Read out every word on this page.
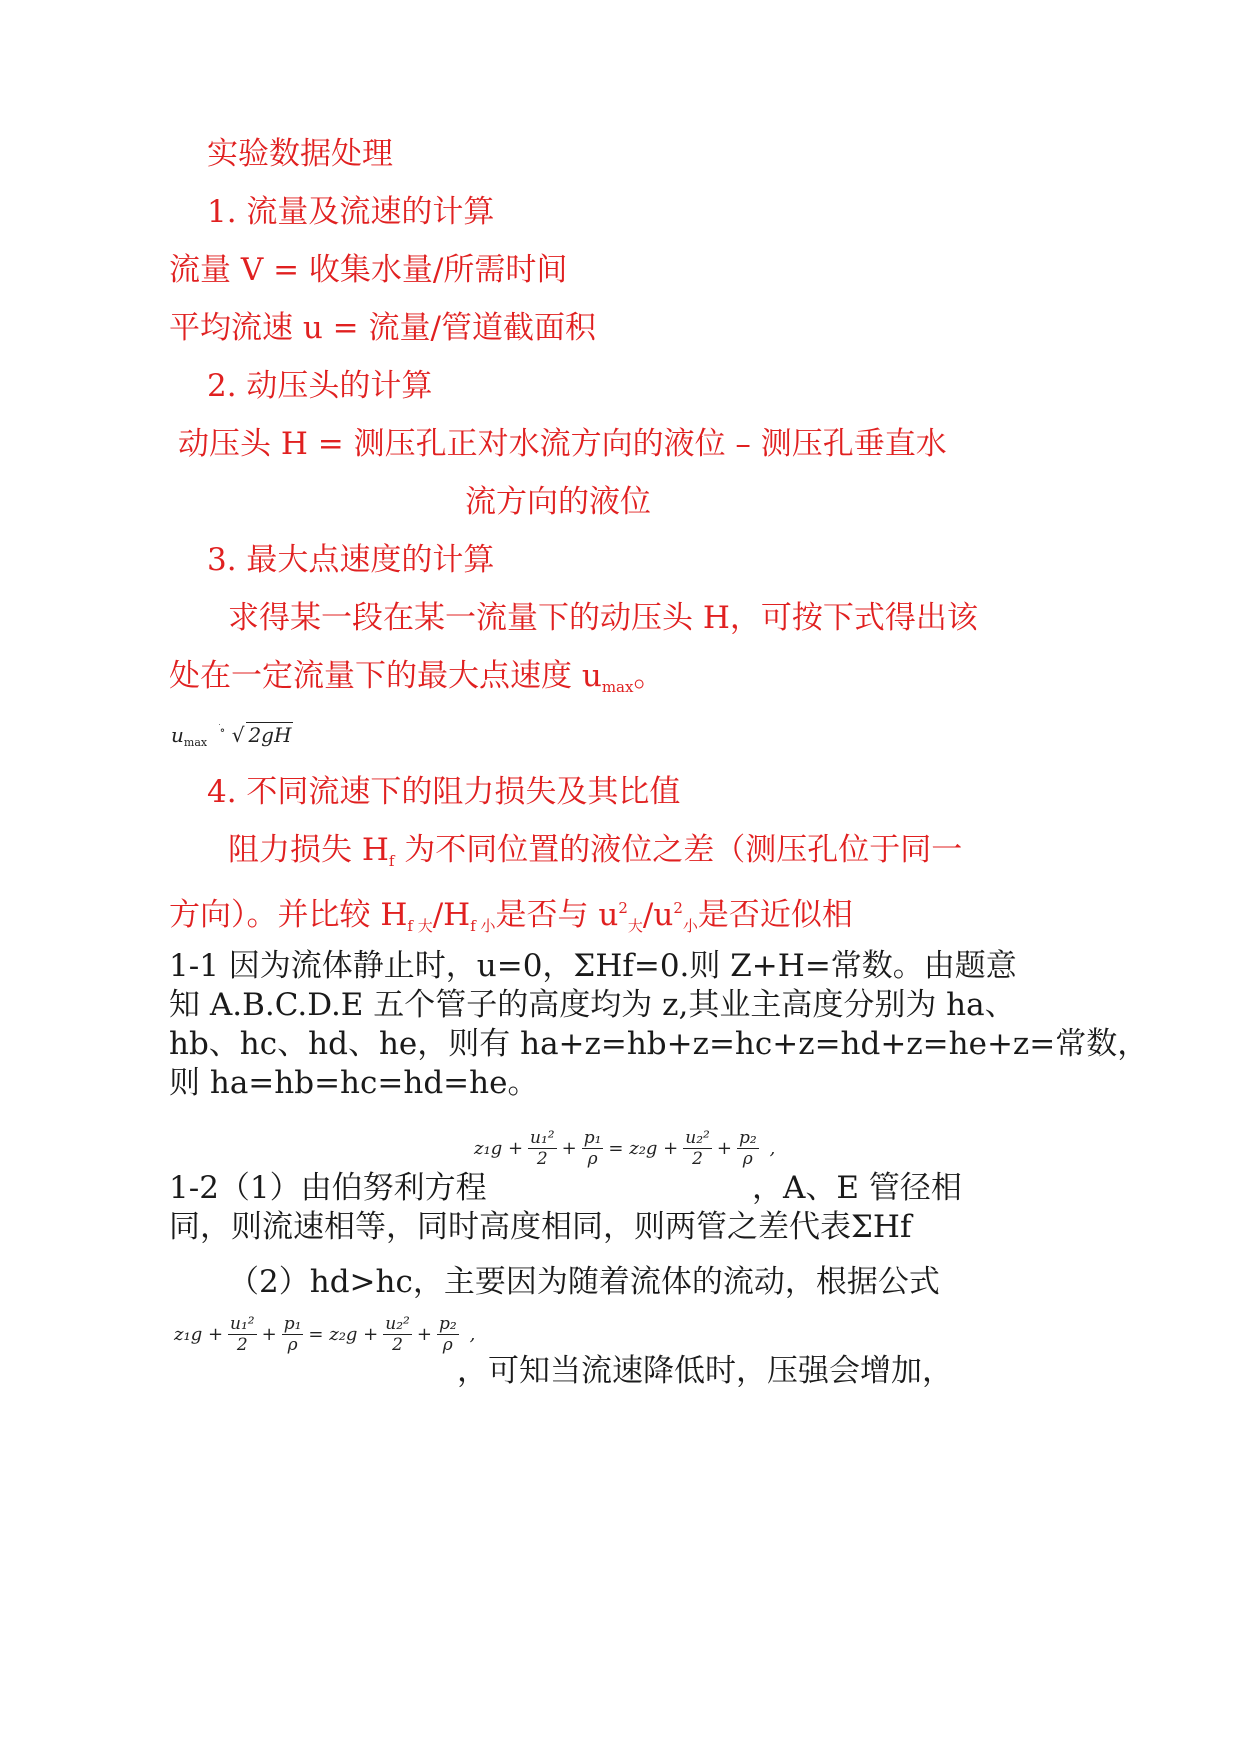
实验数据处理
1. 流量及流速的计算
流量 V = 收集水量/所需时间
平均流速 u = 流量/管道截面积
2. 动压头的计算
动压头 H = 测压孔正对水流方向的液位 – 测压孔垂直水
流方向的液位
3. 最大点速度的计算
求得某一段在某一流量下的动压头 H，可按下式得出该
处在一定流量下的最大点速度 $u_{max}$。
$u_{max}$ ׄ∘ √ 2gH
4. 不同流速下的阻力损失及其比值
阻力损失 $H_f$ 为不同位置的液位之差（测压孔位于同一
方向）。并比较 $H_{f 大}/H_{f 小}$是否与 $u^2_大/u^2_小$是否近似相
1-1 因为流体静止时，u=0，ΣHf=0.则 Z+H=常数。由题意
知 A.B.C.D.E 五个管子的高度均为 z,其业主高度分别为 ha、
hb、hc、hd、he，则有 ha+z=hb+z=hc+z=hd+z=he+z=常数，
则 ha=hb=hc=hd=he。
$z_1g + \frac{\text{u₁²}}{2} + \frac{\text{p₁}}{\rho} = z_2g + \frac{\text{u₂²}}{2} + \frac{\text{p₂}}{\rho}$ ,
1-2（1）由伯努利方程	，A、E 管径相
同，则流速相等，同时高度相同，则两管之差代表ΣHf
（2）hd>hc，主要因为随着流体的流动，根据公式
$z_1g + \frac{\text{u₁²}}{2} + \frac{\text{p₁}}{\rho} = z_2g + \frac{\text{u₂²}}{2} + \frac{\text{p₂}}{\rho}$ ,
，可知当流速降低时，压强会增加，
